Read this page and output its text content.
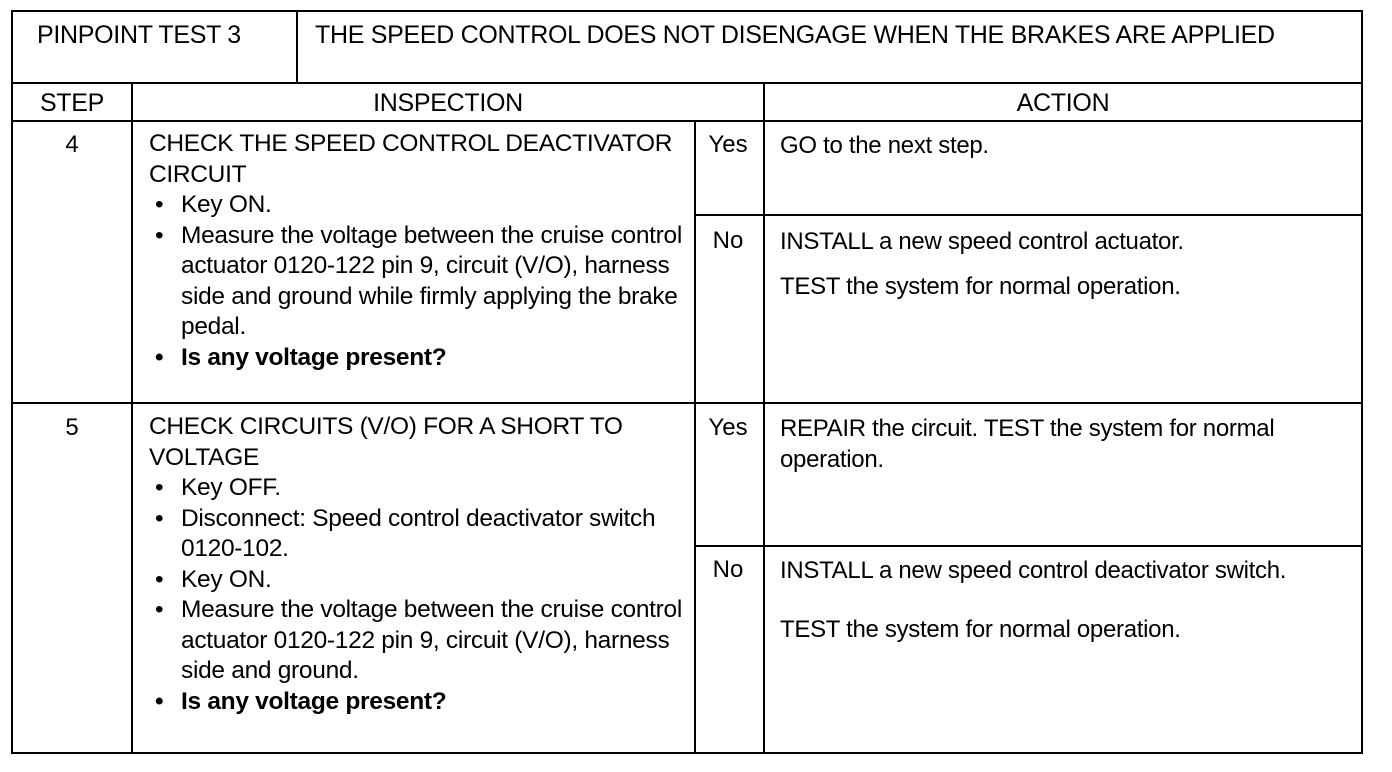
PINPOINT TEST 3	THE SPEED CONTROL DOES NOT DISENGAGE WHEN THE BRAKES ARE APPLIED
STEP	INSPECTION	ACTION
4	CHECK THE SPEED CONTROL DEACTIVATOR CIRCUIT
• Key ON.
• Measure the voltage between the cruise control actuator 0120-122 pin 9, circuit (V/O), harness side and ground while firmly applying the brake pedal.
• Is any voltage present?
Yes	GO to the next step.

No	INSTALL a new speed control actuator.

TEST the system for normal operation.

5	CHECK CIRCUITS (V/O) FOR A SHORT TO VOLTAGE
• Key OFF.
• Disconnect: Speed control deactivator switch 0120-102.
• Key ON.
• Measure the voltage between the cruise control actuator 0120-122 pin 9, circuit (V/O), harness side and ground.
• Is any voltage present?
Yes	REPAIR the circuit. TEST the system for normal operation.

No	INSTALL a new speed control deactivator switch.

TEST the system for normal operation.
